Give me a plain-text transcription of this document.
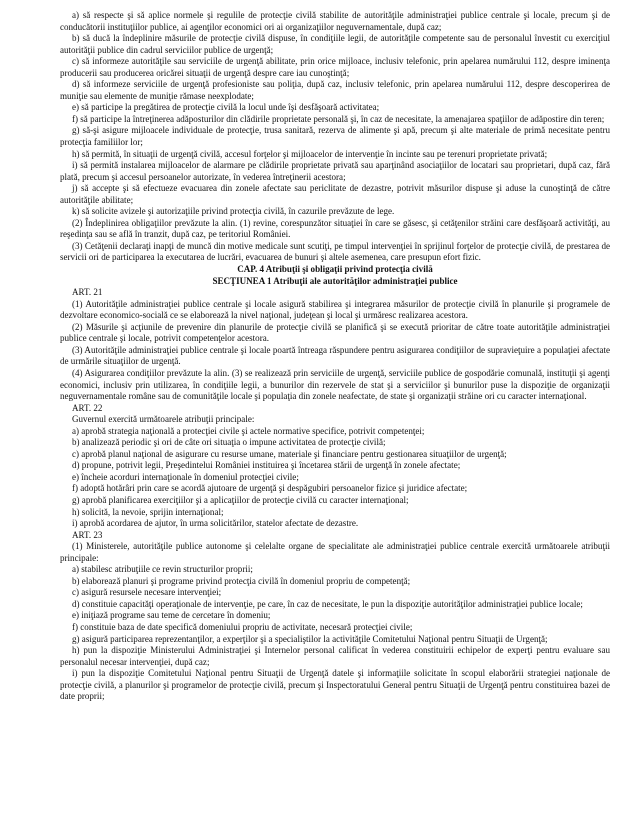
a) să respecte şi să aplice normele şi regulile de protecţie civilă stabilite de autorităţile administraţiei publice centrale şi locale, precum şi de conducătorii instituţiilor publice, ai agenţilor economici ori ai organizaţiilor neguvernamentale, după caz;

b) să ducă la îndeplinire măsurile de protecţie civilă dispuse, în condiţiile legii, de autorităţile competente sau de personalul învestit cu exerciţiul autorităţii publice din cadrul serviciilor publice de urgenţă;

c) să informeze autorităţile sau serviciile de urgenţă abilitate, prin orice mijloace, inclusiv telefonic, prin apelarea numărului 112, despre iminenţa producerii sau producerea oricărei situaţii de urgenţă despre care iau cunoştinţă;

d) să informeze serviciile de urgenţă profesioniste sau poliţia, după caz, inclusiv telefonic, prin apelarea numărului 112, despre descoperirea de muniţie sau elemente de muniţie rămase neexplodate;

e) să participe la pregătirea de protecţie civilă la locul unde îşi desfăşoară activitatea;

f) să participe la întreţinerea adăposturilor din clădirile proprietate personală şi, în caz de necesitate, la amenajarea spaţiilor de adăpostire din teren;

g) să-şi asigure mijloacele individuale de protecţie, trusa sanitară, rezerva de alimente şi apă, precum şi alte materiale de primă necesitate pentru protecţia familiilor lor;

h) să permită, în situaţii de urgenţă civilă, accesul forţelor şi mijloacelor de intervenţie în incinte sau pe terenuri proprietate privată;

i) să permită instalarea mijloacelor de alarmare pe clădirile proprietate privată sau aparţinând asociaţiilor de locatari sau proprietari, după caz, fără plată, precum şi accesul persoanelor autorizate, în vederea întreţinerii acestora;

j) să accepte şi să efectueze evacuarea din zonele afectate sau periclitate de dezastre, potrivit măsurilor dispuse şi aduse la cunoştinţă de către autorităţile abilitate;

k) să solicite avizele şi autorizaţiile privind protecţia civilă, în cazurile prevăzute de lege.

(2) Îndeplinirea obligaţiilor prevăzute la alin. (1) revine, corespunzător situaţiei în care se găsesc, şi cetăţenilor străini care desfăşoară activităţi, au reşedinţa sau se află în tranzit, după caz, pe teritoriul României.

(3) Cetăţenii declaraţi inapţi de muncă din motive medicale sunt scutiţi, pe timpul intervenţiei în sprijinul forţelor de protecţie civilă, de prestarea de servicii ori de participarea la executarea de lucrări, evacuarea de bunuri şi altele asemenea, care presupun efort fizic.

CAP. 4 Atribuţii şi obligaţii privind protecţia civilă

SECŢIUNEA 1 Atribuţii ale autorităţilor administraţiei publice

ART. 21

(1) Autorităţile administraţiei publice centrale şi locale asigură stabilirea şi integrarea măsurilor de protecţie civilă în planurile şi programele de dezvoltare economico-socială ce se elaborează la nivel naţional, judeţean şi local şi urmăresc realizarea acestora.

(2) Măsurile şi acţiunile de prevenire din planurile de protecţie civilă se planifică şi se execută prioritar de către toate autorităţile administraţiei publice centrale şi locale, potrivit competenţelor acestora.

(3) Autorităţile administraţiei publice centrale şi locale poartă întreaga răspundere pentru asigurarea condiţiilor de supravieţuire a populaţiei afectate de urmările situaţiilor de urgenţă.

(4) Asigurarea condiţiilor prevăzute la alin. (3) se realizează prin serviciile de urgenţă, serviciile publice de gospodărie comunală, instituţii şi agenţi economici, inclusiv prin utilizarea, în condiţiile legii, a bunurilor din rezervele de stat şi a serviciilor şi bunurilor puse la dispoziţie de organizaţii neguvernamentale române sau de comunităţile locale şi populaţia din zonele neafectate, de state şi organizaţii străine ori cu caracter internaţional.

ART. 22

Guvernul exercită următoarele atribuţii principale:

a) aprobă strategia naţională a protecţiei civile şi actele normative specifice, potrivit competenţei;

b) analizează periodic şi ori de câte ori situaţia o impune activitatea de protecţie civilă;

c) aprobă planul naţional de asigurare cu resurse umane, materiale şi financiare pentru gestionarea situaţiilor de urgenţă;

d) propune, potrivit legii, Preşedintelui României instituirea şi încetarea stării de urgenţă în zonele afectate;

e) încheie acorduri internaţionale în domeniul protecţiei civile;

f) adoptă hotărâri prin care se acordă ajutoare de urgenţă şi despăgubiri persoanelor fizice şi juridice afectate;

g) aprobă planificarea exerciţiilor şi a aplicaţiilor de protecţie civilă cu caracter internaţional;

h) solicită, la nevoie, sprijin internaţional;

i) aprobă acordarea de ajutor, în urma solicitărilor, statelor afectate de dezastre.

ART. 23

(1) Ministerele, autorităţile publice autonome şi celelalte organe de specialitate ale administraţiei publice centrale exercită următoarele atribuţii principale:

a) stabilesc atribuţiile ce revin structurilor proprii;

b) elaborează planuri şi programe privind protecţia civilă în domeniul propriu de competenţă;

c) asigură resursele necesare intervenţiei;

d) constituie capacităţi operaţionale de intervenţie, pe care, în caz de necesitate, le pun la dispoziţie autorităţilor administraţiei publice locale;

e) iniţiază programe sau teme de cercetare în domeniu;

f) constituie baza de date specifică domeniului propriu de activitate, necesară protecţiei civile;

g) asigură participarea reprezentanţilor, a experţilor şi a specialiştilor la activităţile Comitetului Naţional pentru Situaţii de Urgenţă;

h) pun la dispoziţie Ministerului Administraţiei şi Internelor personal calificat în vederea constituirii echipelor de experţi pentru evaluare sau personalul necesar intervenţiei, după caz;

i) pun la dispoziţie Comitetului Naţional pentru Situaţii de Urgenţă datele şi informaţiile solicitate în scopul elaborării strategiei naţionale de protecţie civilă, a planurilor şi programelor de protecţie civilă, precum şi Inspectoratului General pentru Situaţii de Urgenţă pentru constituirea bazei de date proprii;
